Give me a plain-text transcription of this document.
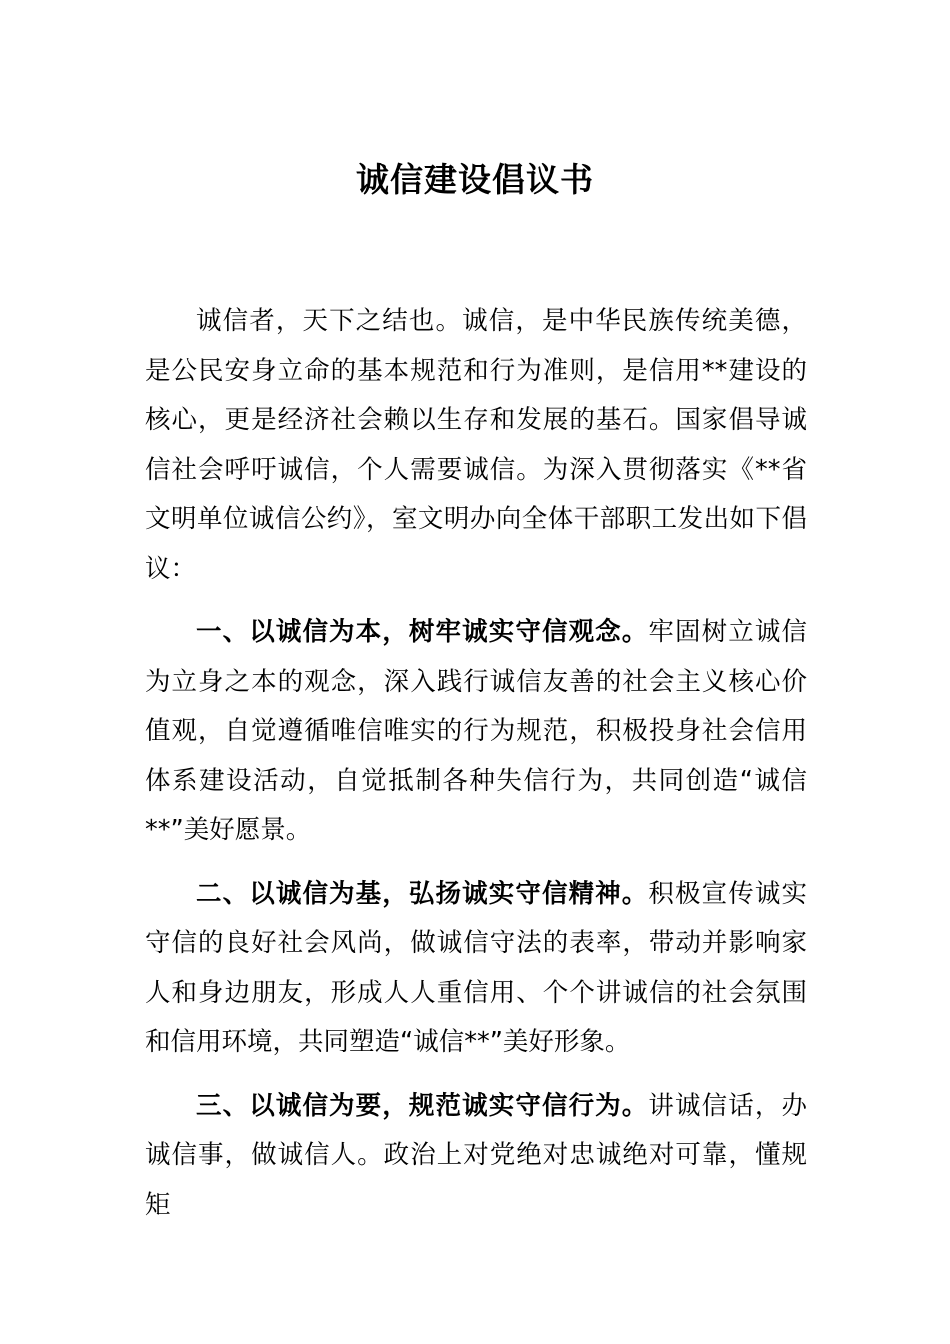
诚信建设倡议书

诚信者，天下之结也。诚信，是中华民族传统美德，是公民安身立命的基本规范和行为准则，是信用**建设的核心，更是经济社会赖以生存和发展的基石。国家倡导诚信社会呼吁诚信，个人需要诚信。为深入贯彻落实《**省文明单位诚信公约》，室文明办向全体干部职工发出如下倡议：

一、以诚信为本，树牢诚实守信观念。牢固树立诚信为立身之本的观念，深入践行诚信友善的社会主义核心价值观，自觉遵循唯信唯实的行为规范，积极投身社会信用体系建设活动，自觉抵制各种失信行为，共同创造“诚信**”美好愿景。

二、以诚信为基，弘扬诚实守信精神。积极宣传诚实守信的良好社会风尚，做诚信守法的表率，带动并影响家人和身边朋友，形成人人重信用、个个讲诚信的社会氛围和信用环境，共同塑造“诚信**”美好形象。

三、以诚信为要，规范诚实守信行为。讲诚信话，办诚信事，做诚信人。政治上对党绝对忠诚绝对可靠，懂规矩
